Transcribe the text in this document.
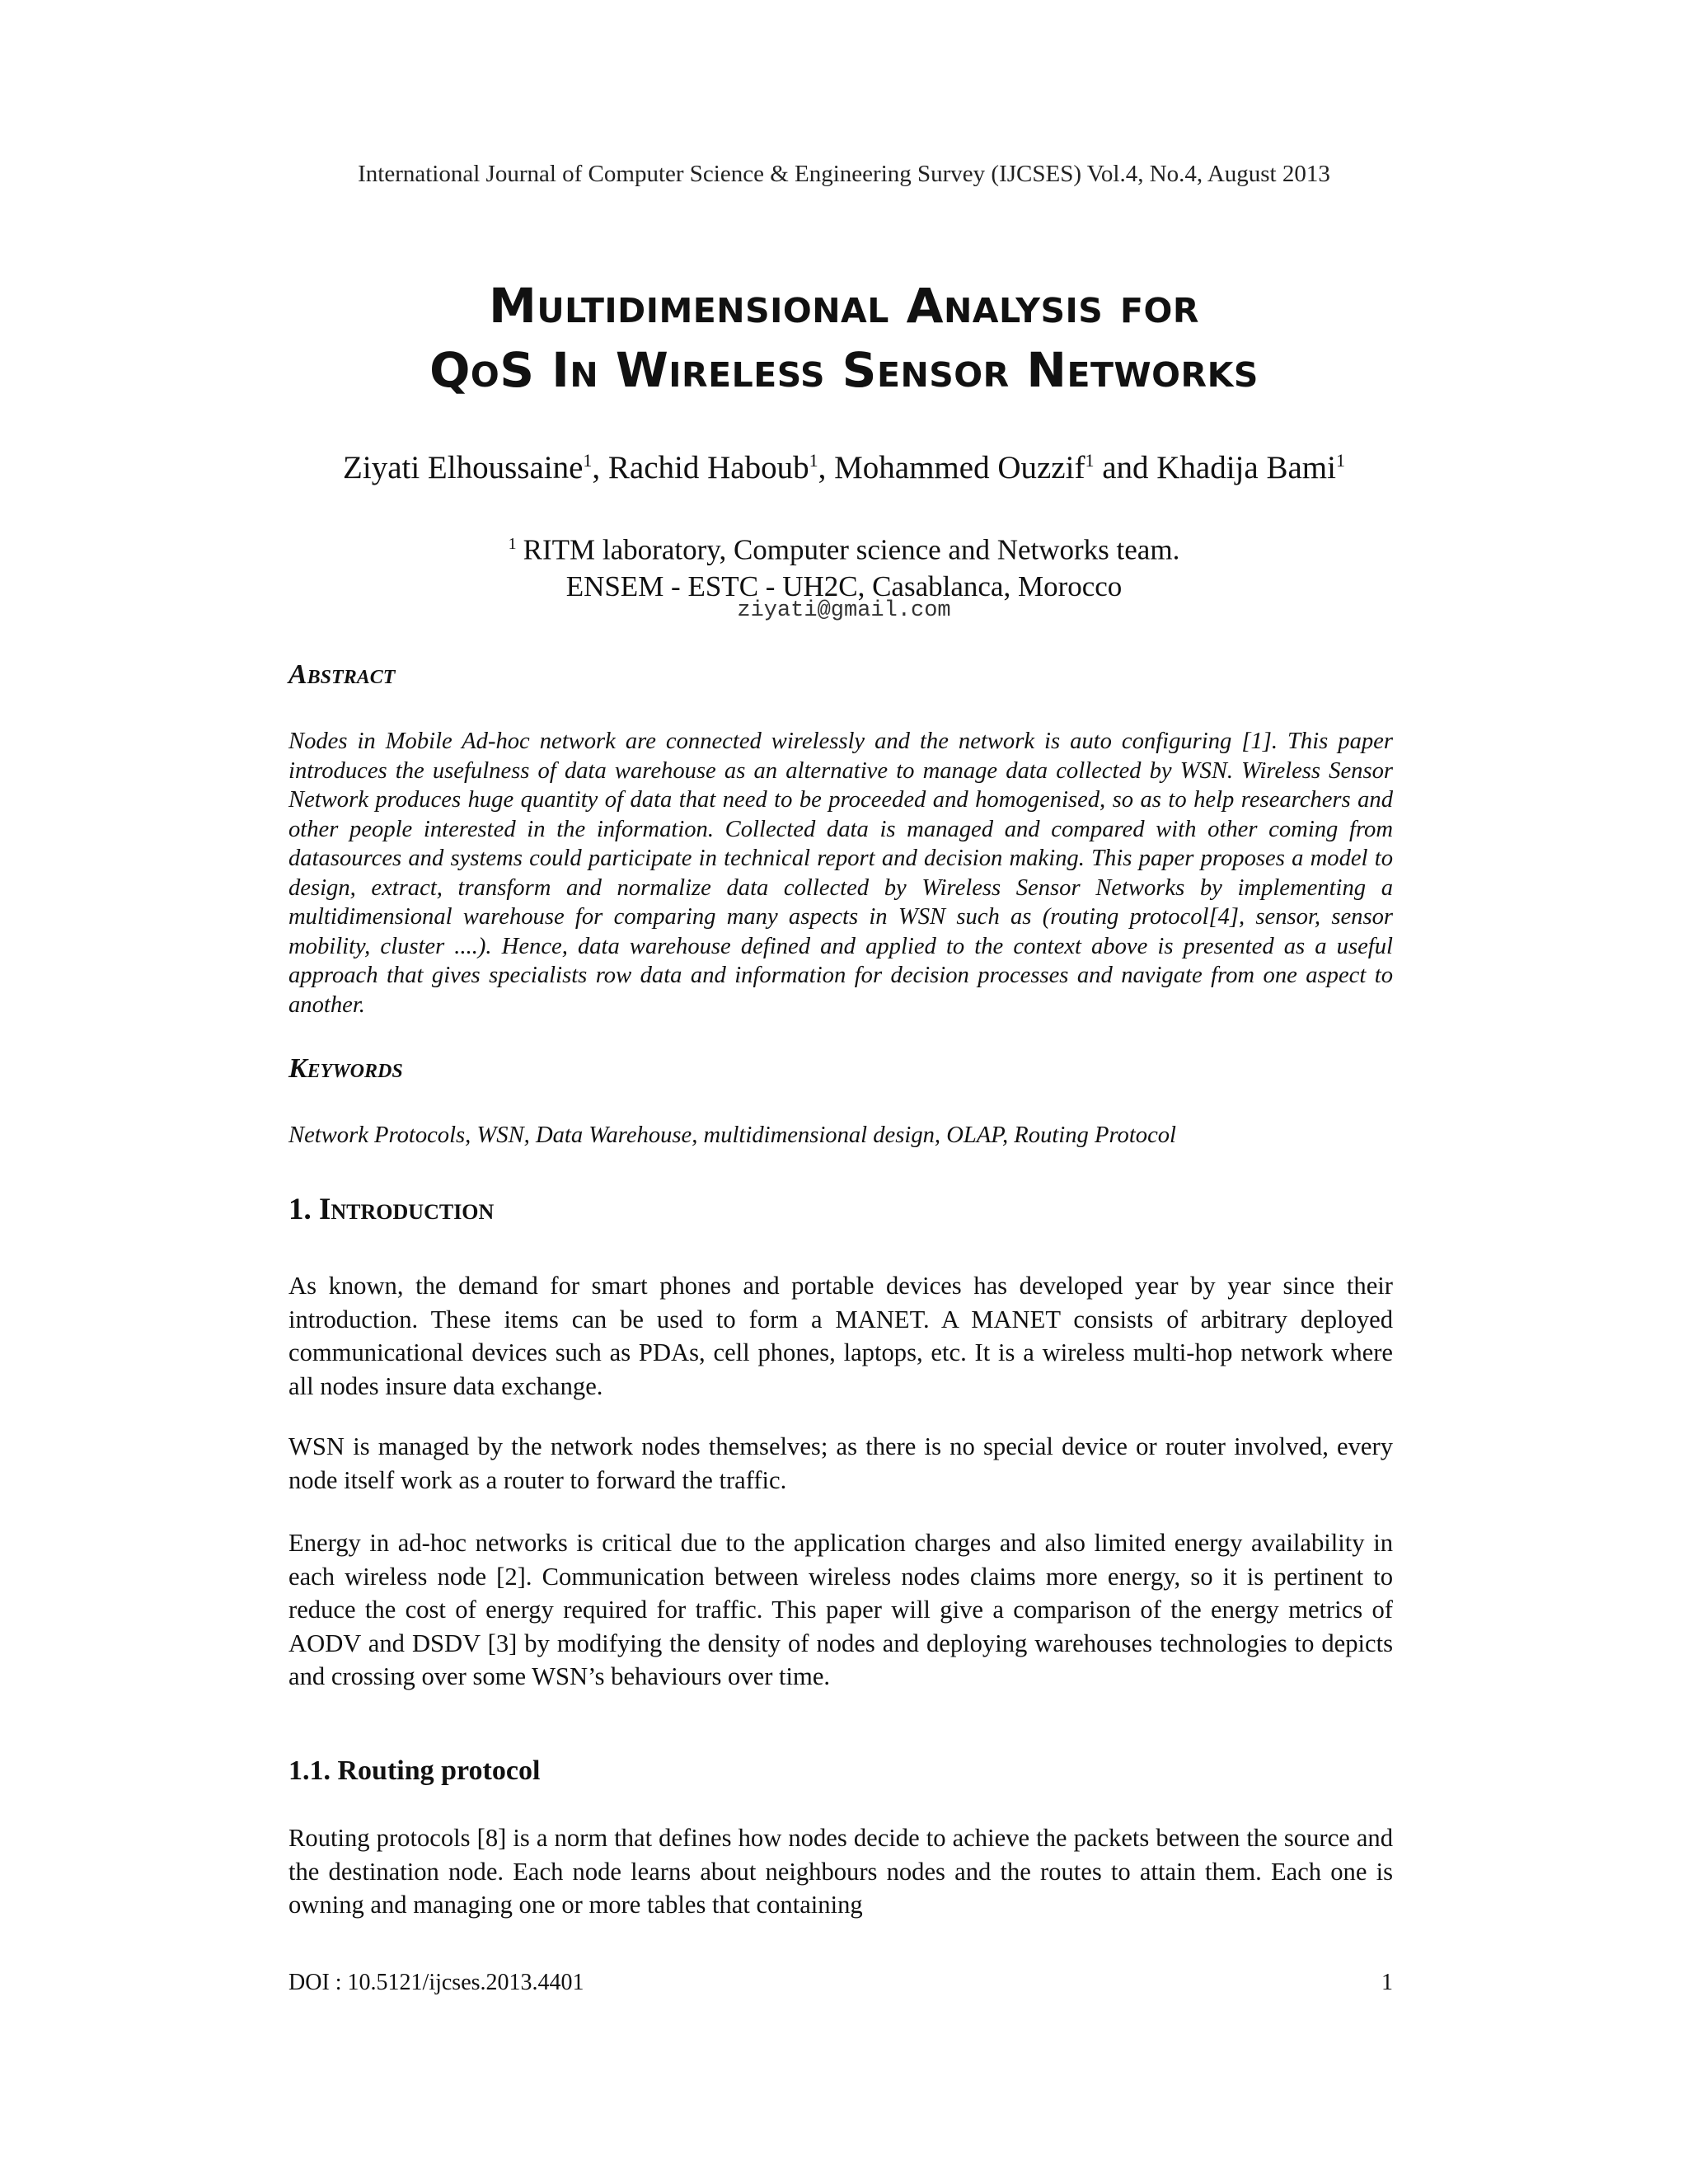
International Journal of Computer Science & Engineering Survey (IJCSES) Vol.4, No.4, August 2013
Multidimensional Analysis for
QoS In Wireless Sensor Networks
Ziyati Elhoussaine$^1$, Rachid Haboub$^1$, Mohammed Ouzzif$^1$ and Khadija Bami$^1$
$^1$ RITM laboratory, Computer science and Networks team.
ENSEM - ESTC - UH2C, Casablanca, Morocco
ziyati@gmail.com
Abstract
Nodes in Mobile Ad-hoc network are connected wirelessly and the network is auto configuring [1]. This paper introduces the usefulness of data warehouse as an alternative to manage data collected by WSN. Wireless Sensor Network produces huge quantity of data that need to be proceeded and homogenised, so as to help researchers and other people interested in the information. Collected data is managed and compared with other coming from datasources and systems could participate in technical report and decision making. This paper proposes a model to design, extract, transform and normalize data collected by Wireless Sensor Networks by implementing a multidimensional warehouse for comparing many aspects in WSN such as (routing protocol[4], sensor, sensor mobility, cluster ....). Hence, data warehouse defined and applied to the context above is presented as a useful approach that gives specialists row data and information for decision processes and navigate from one aspect to another.
Keywords
Network Protocols, WSN, Data Warehouse, multidimensional design, OLAP, Routing Protocol
1. Introduction
As known, the demand for smart phones and portable devices has developed year by year since their introduction. These items can be used to form a MANET. A MANET consists of arbitrary deployed communicational devices such as PDAs, cell phones, laptops, etc. It is a wireless multi-hop network where all nodes insure data exchange.
WSN is managed by the network nodes themselves; as there is no special device or router involved, every node itself work as a router to forward the traffic.
Energy in ad-hoc networks is critical due to the application charges and also limited energy availability in each wireless node [2]. Communication between wireless nodes claims more energy, so it is pertinent to reduce the cost of energy required for traffic. This paper will give a comparison of the energy metrics of AODV and DSDV [3] by modifying the density of nodes and deploying warehouses technologies to depicts and crossing over some WSN’s behaviours over time.
1.1. Routing protocol
Routing protocols [8] is a norm that defines how nodes decide to achieve the packets between the source and the destination node. Each node learns about neighbours nodes and the routes to attain them. Each one is owning and managing one or more tables that containing
DOI : 10.5121/ijcses.2013.4401	1
